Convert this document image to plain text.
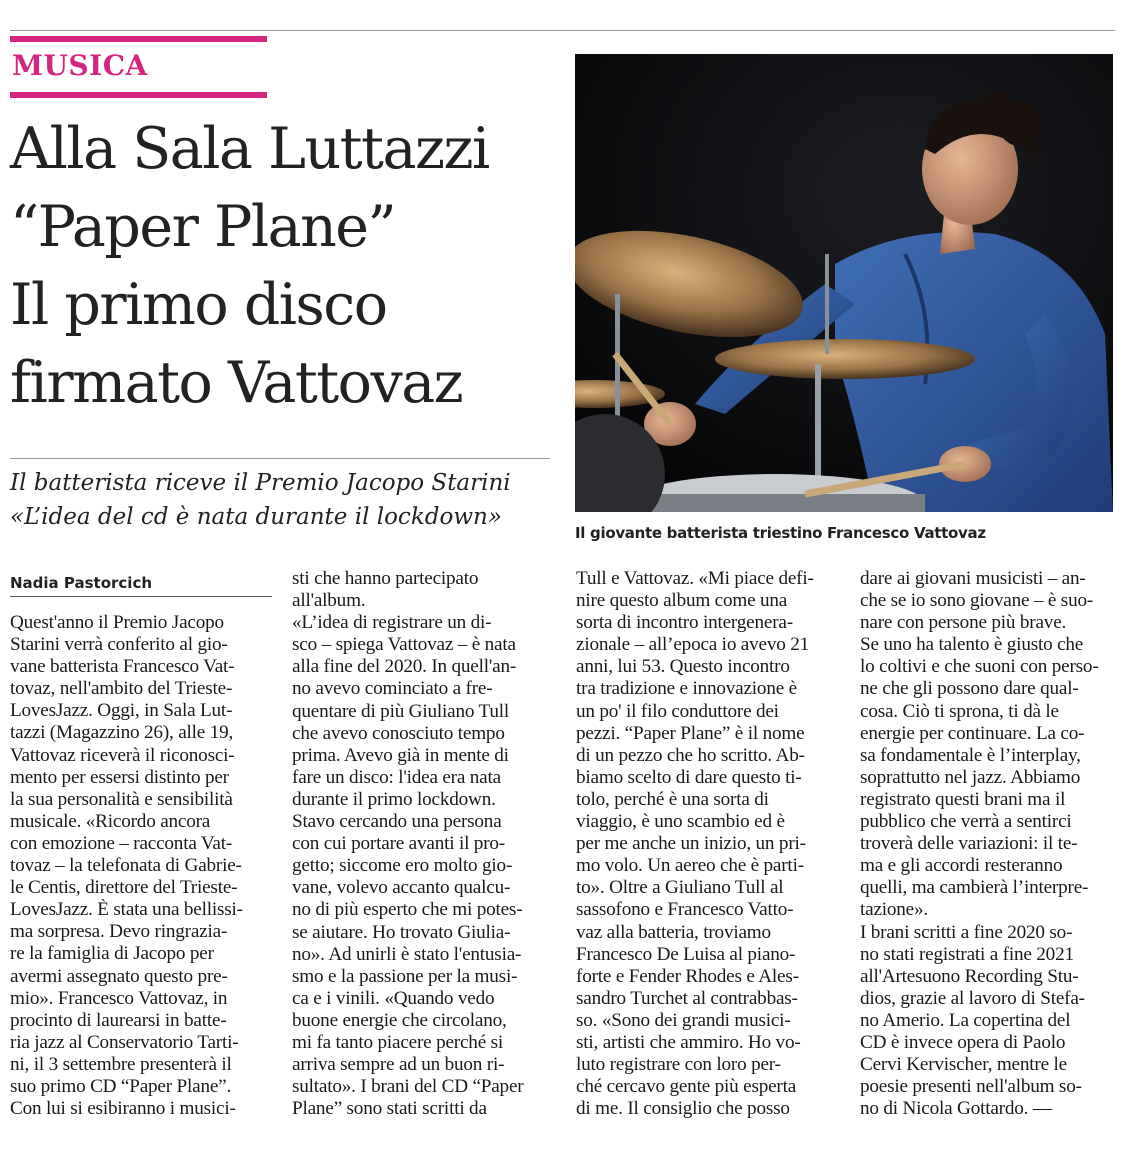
MUSICA
Alla Sala Luttazzi
“Paper Plane”
Il primo disco
firmato Vattovaz
Il batterista riceve il Premio Jacopo Starini
«L’idea del cd è nata durante il lockdown»
Il giovante batterista triestino Francesco Vattovaz
Nadia Pastorcich
Quest'anno il Premio Jacopo
Starini verrà conferito al gio-
vane batterista Francesco Vat-
tovaz, nell'ambito del Trieste-
LovesJazz. Oggi, in Sala Lut-
tazzi (Magazzino 26), alle 19,
Vattovaz riceverà il riconosci-
mento per essersi distinto per
la sua personalità e sensibilità
musicale. «Ricordo ancora
con emozione – racconta Vat-
tovaz – la telefonata di Gabrie-
le Centis, direttore del Trieste-
LovesJazz. È stata una bellissi-
ma sorpresa. Devo ringrazia-
re la famiglia di Jacopo per
avermi assegnato questo pre-
mio». Francesco Vattovaz, in
procinto di laurearsi in batte-
ria jazz al Conservatorio Tarti-
ni, il 3 settembre presenterà il
suo primo CD “Paper Plane”.
Con lui si esibiranno i musici-
sti che hanno partecipato
all'album.
«L’idea di registrare un di-
sco – spiega Vattovaz – è nata
alla fine del 2020. In quell'an-
no avevo cominciato a fre-
quentare di più Giuliano Tull
che avevo conosciuto tempo
prima. Avevo già in mente di
fare un disco: l'idea era nata
durante il primo lockdown.
Stavo cercando una persona
con cui portare avanti il pro-
getto; siccome ero molto gio-
vane, volevo accanto qualcu-
no di più esperto che mi potes-
se aiutare. Ho trovato Giulia-
no». Ad unirli è stato l'entusia-
smo e la passione per la musi-
ca e i vinili. «Quando vedo
buone energie che circolano,
mi fa tanto piacere perché si
arriva sempre ad un buon ri-
sultato». I brani del CD “Paper
Plane” sono stati scritti da
Tull e Vattovaz. «Mi piace defi-
nire questo album come una
sorta di incontro intergenera-
zionale – all’epoca io avevo 21
anni, lui 53. Questo incontro
tra tradizione e innovazione è
un po' il filo conduttore dei
pezzi. “Paper Plane” è il nome
di un pezzo che ho scritto. Ab-
biamo scelto di dare questo ti-
tolo, perché è una sorta di
viaggio, è uno scambio ed è
per me anche un inizio, un pri-
mo volo. Un aereo che è parti-
to». Oltre a Giuliano Tull al
sassofono e Francesco Vatto-
vaz alla batteria, troviamo
Francesco De Luisa al piano-
forte e Fender Rhodes e Ales-
sandro Turchet al contrabbas-
so. «Sono dei grandi musici-
sti, artisti che ammiro. Ho vo-
luto registrare con loro per-
ché cercavo gente più esperta
di me. Il consiglio che posso
dare ai giovani musicisti – an-
che se io sono giovane – è suo-
nare con persone più brave.
Se uno ha talento è giusto che
lo coltivi e che suoni con perso-
ne che gli possono dare qual-
cosa. Ciò ti sprona, ti dà le
energie per continuare. La co-
sa fondamentale è l’interplay,
soprattutto nel jazz. Abbiamo
registrato questi brani ma il
pubblico che verrà a sentirci
troverà delle variazioni: il te-
ma e gli accordi resteranno
quelli, ma cambierà l’interpre-
tazione».
I brani scritti a fine 2020 so-
no stati registrati a fine 2021
all'Artesuono Recording Stu-
dios, grazie al lavoro di Stefa-
no Amerio. La copertina del
CD è invece opera di Paolo
Cervi Kervischer, mentre le
poesie presenti nell'album so-
no di Nicola Gottardo. —
